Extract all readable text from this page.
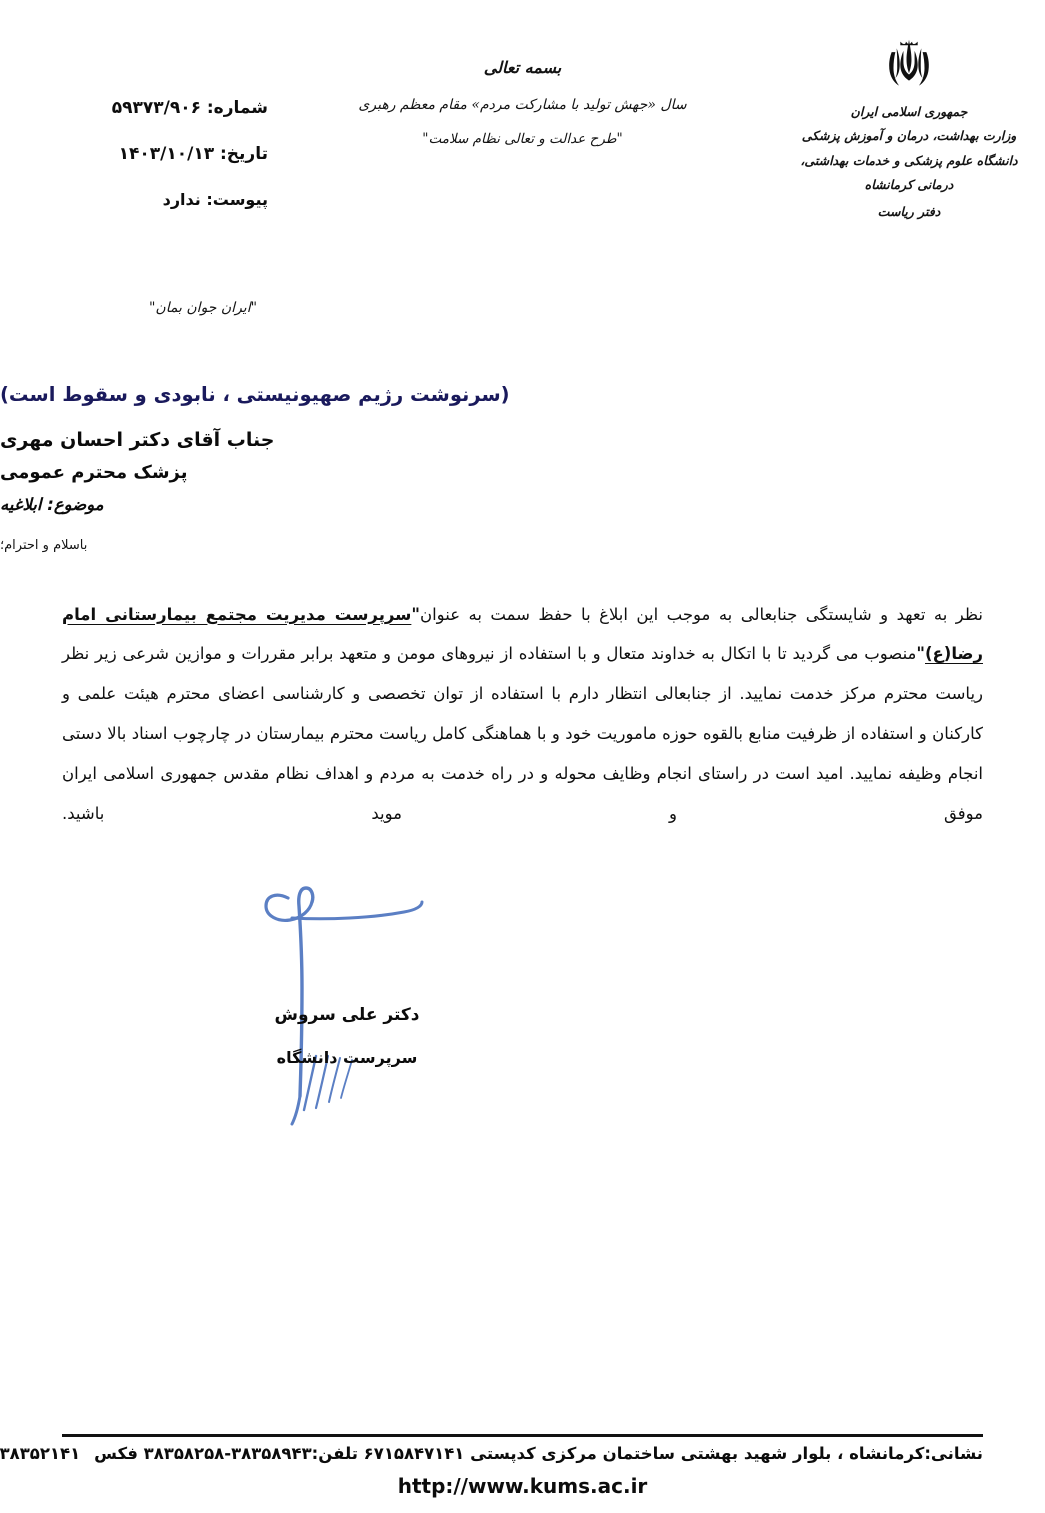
جمهوری اسلامی ایران
وزارت بهداشت، درمان و آموزش پزشکی
دانشگاه علوم پزشکی و خدمات بهداشتی، درمانی کرمانشاه
دفتر ریاست
بسمه تعالی
سال «جهش تولید با مشارکت مردم» مقام معظم رهبری
"طرح عدالت و تعالی نظام سلامت"
شماره: ۵۹۳۷۳/۹۰۶
تاریخ: ۱۴۰۳/۱۰/۱۳
پیوست: ندارد
"ایران جوان بمان"
(سرنوشت رژیم صهیونیستی ، نابودی و سقوط است)
جناب آقای دکتر احسان مهری
پزشک محترم عمومی
موضوع: ابلاغیه
باسلام و احترام؛

نظر به تعهد و شایستگی جنابعالی به موجب این ابلاغ با حفظ سمت به عنوان"سرپرست مدیریت مجتمع بیمارستانی امام رضا(ع)"منصوب می گردید تا با اتکال به خداوند متعال و با استفاده از نیروهای مومن و متعهد برابر مقررات و موازین شرعی زیر نظر ریاست محترم مرکز خدمت نمایید. از جنابعالی انتظار دارم با استفاده از توان تخصصی و کارشناسی اعضای محترم هیئت علمی و کارکنان و استفاده از ظرفیت منابع بالقوه حوزه ماموریت خود و با هماهنگی کامل ریاست محترم بیمارستان در چارچوب اسناد بالا دستی انجام وظیفه نمایید. امید است در راستای انجام وظایف محوله و در راه خدمت به مردم و اهداف نظام مقدس جمهوری اسلامی ایران موفق و موید باشید.

دکتر علی سروش
سرپرست دانشگاه
نشانی:کرمانشاه ، بلوار شهید بهشتی ساختمان مرکزی کدپستی ۶۷۱۵۸۴۷۱۴۱ تلفن:۳۸۳۵۸۹۴۳-۳۸۳۵۸۲۵۸ فکس۳۸۳۵۲۱۴۱
http://www.kums.ac.ir
